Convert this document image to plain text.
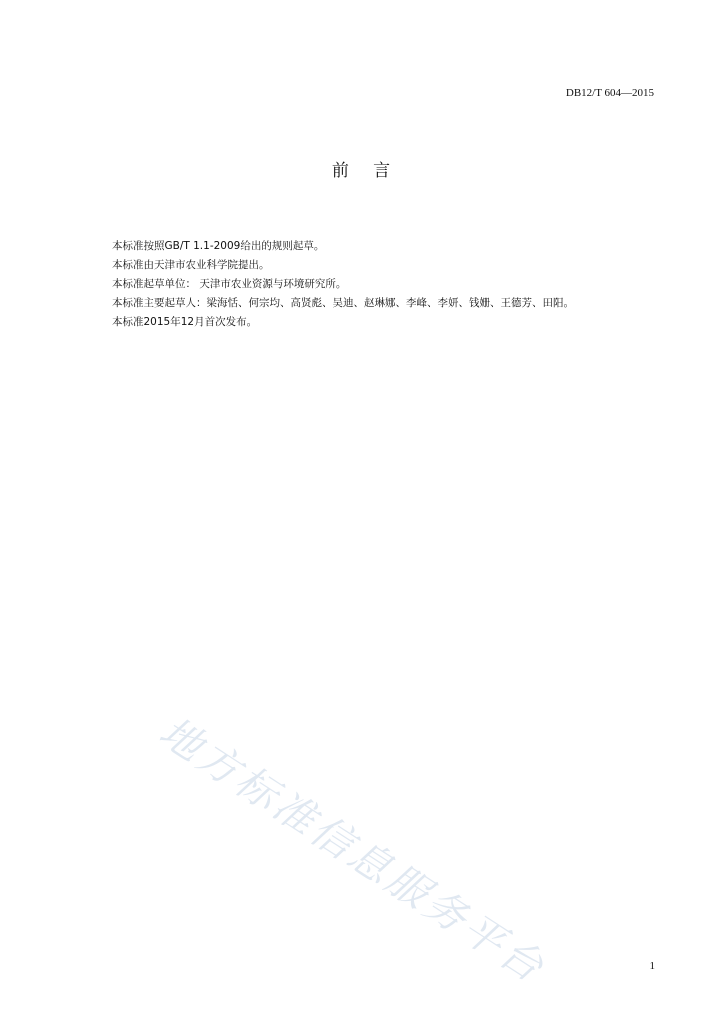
DB12/T 604—2015
前   言

本标准按照GB/T 1.1-2009给出的规则起草。

本标准由天津市农业科学院提出。

本标准起草单位： 天津市农业资源与环境研究所。

本标准主要起草人：梁海恬、何宗均、高贤彪、吴迪、赵琳娜、李峰、李妍、钱姗、王德芳、田阳。

本标准2015年12月首次发布。

地方标准信息服务平台	1
